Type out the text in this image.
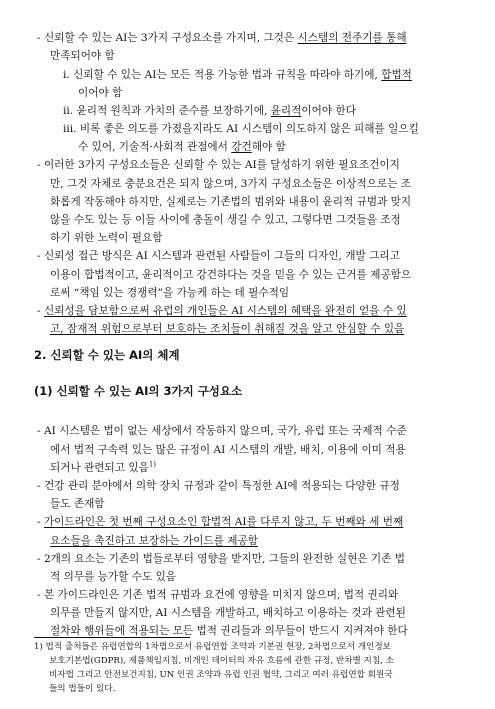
- 신뢰할 수 있는 AI는 3가지 구성요소를 가지며, 그것은 시스템의 전주기를 통해
만족되어야 함
ⅰ. 신뢰할 수 있는 AI는 모든 적용 가능한 법과 규칙을 따라야 하기에, 합법적
이어야 함
ⅱ. 윤리적 원칙과 가치의 준수를 보장하기에, 윤리적이어야 한다
ⅲ. 비록 좋은 의도를 가졌을지라도 AI 시스템이 의도하지 않은 피해를 일으킬
수 있어, 기술적·사회적 관점에서 강건해야 함
- 이러한 3가지 구성요소들은 신뢰할 수 있는 AI를 달성하기 위한 필요조건이지
만, 그것 자체로 충분요건은 되지 않으며, 3가지 구성요소들은 이상적으로는 조
화롭게 작동해야 하지만, 실제로는 기존법의 범위와 내용이 윤리적 규범과 맞지
않을 수도 있는 등 이들 사이에 충돌이 생길 수 있고, 그렇다면 그것들을 조정
하기 위한 노력이 필요함
- 신뢰성 접근 방식은 AI 시스템과 관련된 사람들이 그들의 디자인, 개발 그리고
이용이 합법적이고, 윤리적이고 강건하다는 것을 믿을 수 있는 근거를 제공함으
로써 “책임 있는 경쟁력”을 가능케 하는 데 필수적임
- 신뢰성을 담보함으로써 유럽의 개인들은 AI 시스템의 혜택을 완전히 얻을 수 있
고, 잠재적 위험으로부터 보호하는 조치들이 취해질 것을 알고 안심할 수 있음
2. 신뢰할 수 있는 AI의 체계
(1) 신뢰할 수 있는 AI의 3가지 구성요소
- AI 시스템은 법이 없는 세상에서 작동하지 않으며, 국가, 유럽 또는 국제적 수준
에서 법적 구속력 있는 많은 규정이 AI 시스템의 개발, 배치, 이용에 이미 적용
되거나 관련되고 있음$^{1)}$
- 건강 관리 분야에서 의학 장치 규정과 같이 특정한 AI에 적용되는 다양한 규정
들도 존재함
- 가이드라인은 첫 번째 구성요소인 합법적 AI를 다루지 않고, 두 번째와 세 번째
요소들을 촉진하고 보장하는 가이드를 제공함
- 2개의 요소는 기존의 법들로부터 영향을 받지만, 그들의 완전한 실현은 기존 법
적 의무를 능가할 수도 있음
- 본 가이드라인은 기존 법적 규범과 요건에 영향을 미치지 않으며, 법적 권리와
의무를 만들지 않지만, AI 시스템을 개발하고, 배치하고 이용하는 것과 관련된
절차와 행위들에 적용되는 모든 법적 권리들과 의무들이 반드시 지켜져야 한다
1) 법적 출처들은 유럽연합의 1차법으로서 유럽연합 조약과 기본권 헌장, 2차법으로서 개인정보
보호기본법(GDPR), 제품책임지침, 비개인 데이터의 자유 흐름에 관한 규정, 반차별 지침, 소
비자법 그리고 안전보건지침, UN 인권 조약과 유럽 인권 협약, 그리고 여러 유럽연합 회원국
들의 법들이 있다.
